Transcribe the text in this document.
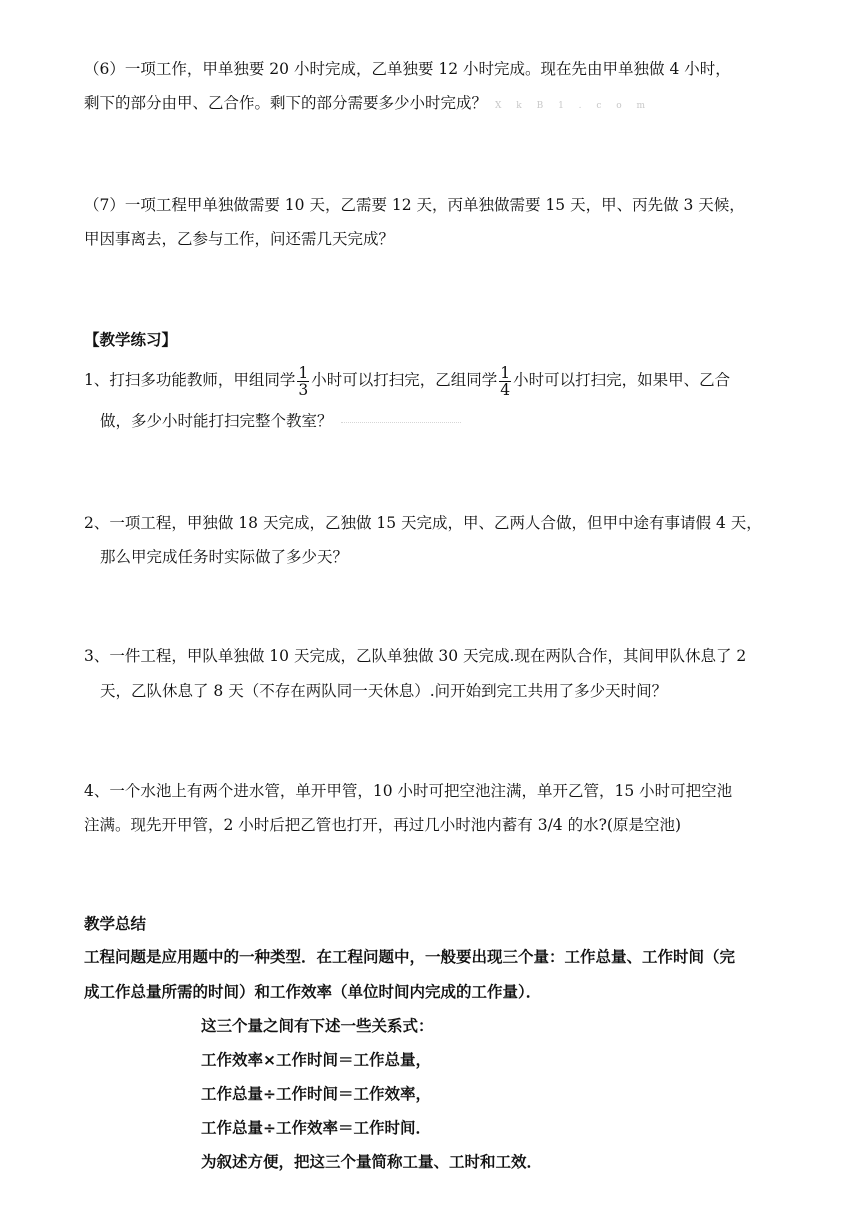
（6）一项工作，甲单独要 20 小时完成，乙单独要 12 小时完成。现在先由甲单独做 4 小时，
剩下的部分由甲、乙合作。剩下的部分需要多少小时完成？ X k B 1 . c o m
（7）一项工程甲单独做需要 10 天，乙需要 12 天，丙单独做需要 15 天，甲、丙先做 3 天候，
甲因事离去，乙参与工作，问还需几天完成？
【教学练习】
1、打扫多功能教师，甲组同学 $\frac{1}{3}$ 小时可以打扫完，乙组同学 $\frac{1}{4}$ 小时可以打扫完，如果甲、乙合
做，多少小时能打扫完整个教室？
2、一项工程，甲独做 18 天完成，乙独做 15 天完成，甲、乙两人合做，但甲中途有事请假 4 天，
那么甲完成任务时实际做了多少天？
3、一件工程，甲队单独做 10 天完成，乙队单独做 30 天完成.现在两队合作，其间甲队休息了 2
天，乙队休息了 8 天（不存在两队同一天休息）.问开始到完工共用了多少天时间？
4、一个水池上有两个进水管，单开甲管，10 小时可把空池注满，单开乙管，15 小时可把空池
注满。现先开甲管，2 小时后把乙管也打开，再过几小时池内蓄有 3/4 的水?(原是空池)
教学总结
工程问题是应用题中的一种类型．在工程问题中，一般要出现三个量：工作总量、工作时间（完
成工作总量所需的时间）和工作效率（单位时间内完成的工作量）．
这三个量之间有下述一些关系式：
工作效率×工作时间＝工作总量，
工作总量÷工作时间＝工作效率，
工作总量÷工作效率＝工作时间．
为叙述方便，把这三个量简称工量、工时和工效．
